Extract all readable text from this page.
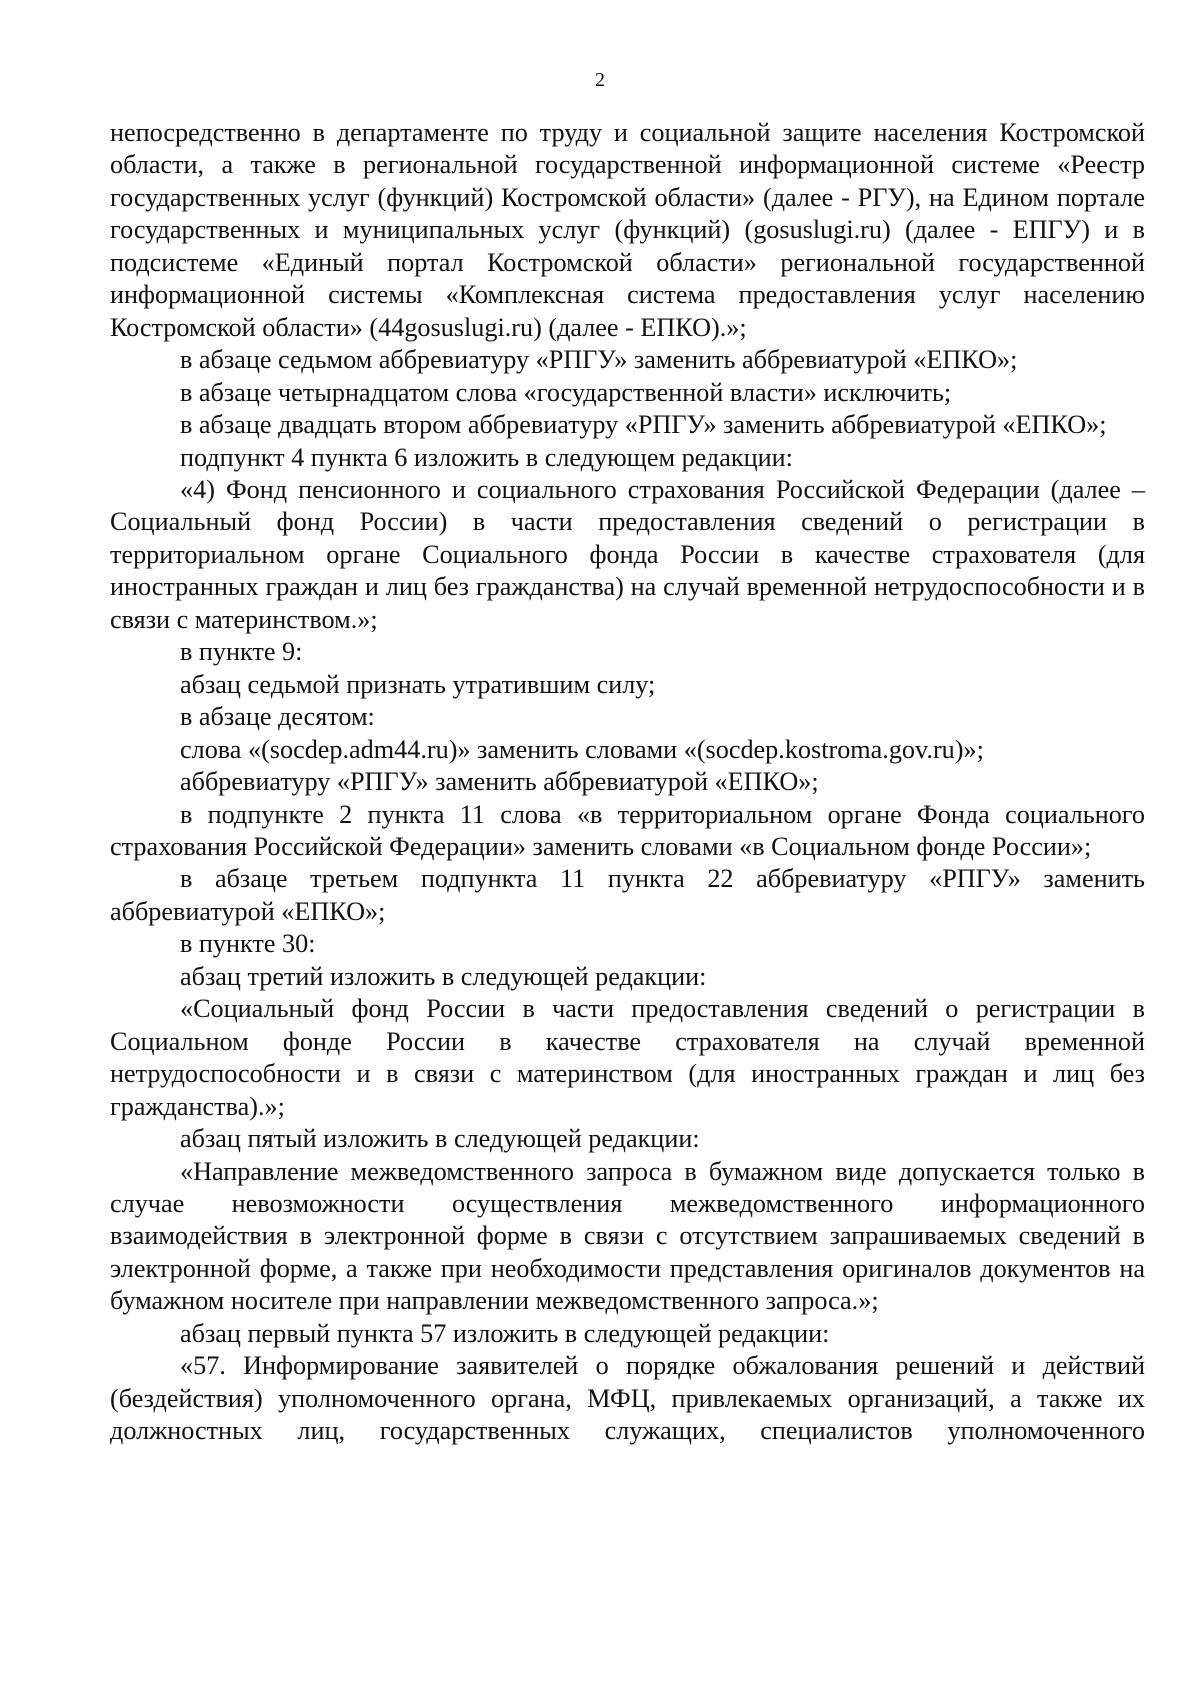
2

непосредственно в департаменте по труду и социальной защите населения Костромской области, а также в региональной государственной информационной системе «Реестр государственных услуг (функций) Костромской области» (далее - РГУ), на Едином портале государственных и муниципальных услуг (функций) (gosuslugi.ru) (далее - ЕПГУ) и в подсистеме «Единый портал Костромской области» региональной государственной информационной системы «Комплексная система предоставления услуг населению Костромской области» (44gosuslugi.ru) (далее - ЕПКО).»;

в абзаце седьмом аббревиатуру «РПГУ» заменить аббревиатурой «ЕПКО»;

в абзаце четырнадцатом слова «государственной власти» исключить;

в абзаце двадцать втором аббревиатуру «РПГУ» заменить аббревиатурой «ЕПКО»;

подпункт 4 пункта 6 изложить в следующем редакции:

«4) Фонд пенсионного и социального страхования Российской Федерации (далее – Социальный фонд России) в части предоставления сведений о регистрации в территориальном органе Социального фонда России в качестве страхователя (для иностранных граждан и лиц без гражданства) на случай временной нетрудоспособности и в связи с материнством.»;

в пункте 9:

абзац седьмой признать утратившим силу;

в абзаце десятом:

слова «(socdep.adm44.ru)» заменить словами «(socdep.kostroma.gov.ru)»;

аббревиатуру «РПГУ» заменить аббревиатурой «ЕПКО»;

в подпункте 2 пункта 11 слова «в территориальном органе Фонда социального страхования Российской Федерации» заменить словами «в Социальном фонде России»;

в абзаце третьем подпункта 11 пункта 22 аббревиатуру «РПГУ» заменить аббревиатурой «ЕПКО»;

в пункте 30:

абзац третий изложить в следующей редакции:

«Социальный фонд России в части предоставления сведений о регистрации в Социальном фонде России в качестве страхователя на случай временной нетрудоспособности и в связи с материнством (для иностранных граждан и лиц без гражданства).»;

абзац пятый изложить в следующей редакции:

«Направление межведомственного запроса в бумажном виде допускается только в случае невозможности осуществления межведомственного информационного взаимодействия в электронной форме в связи с отсутствием запрашиваемых сведений в электронной форме, а также при необходимости представления оригиналов документов на бумажном носителе при направлении межведомственного запроса.»;

абзац первый пункта 57 изложить в следующей редакции:

«57. Информирование заявителей о порядке обжалования решений и действий (бездействия) уполномоченного органа, МФЦ, привлекаемых организаций, а также их должностных лиц, государственных служащих, специалистов уполномоченного
